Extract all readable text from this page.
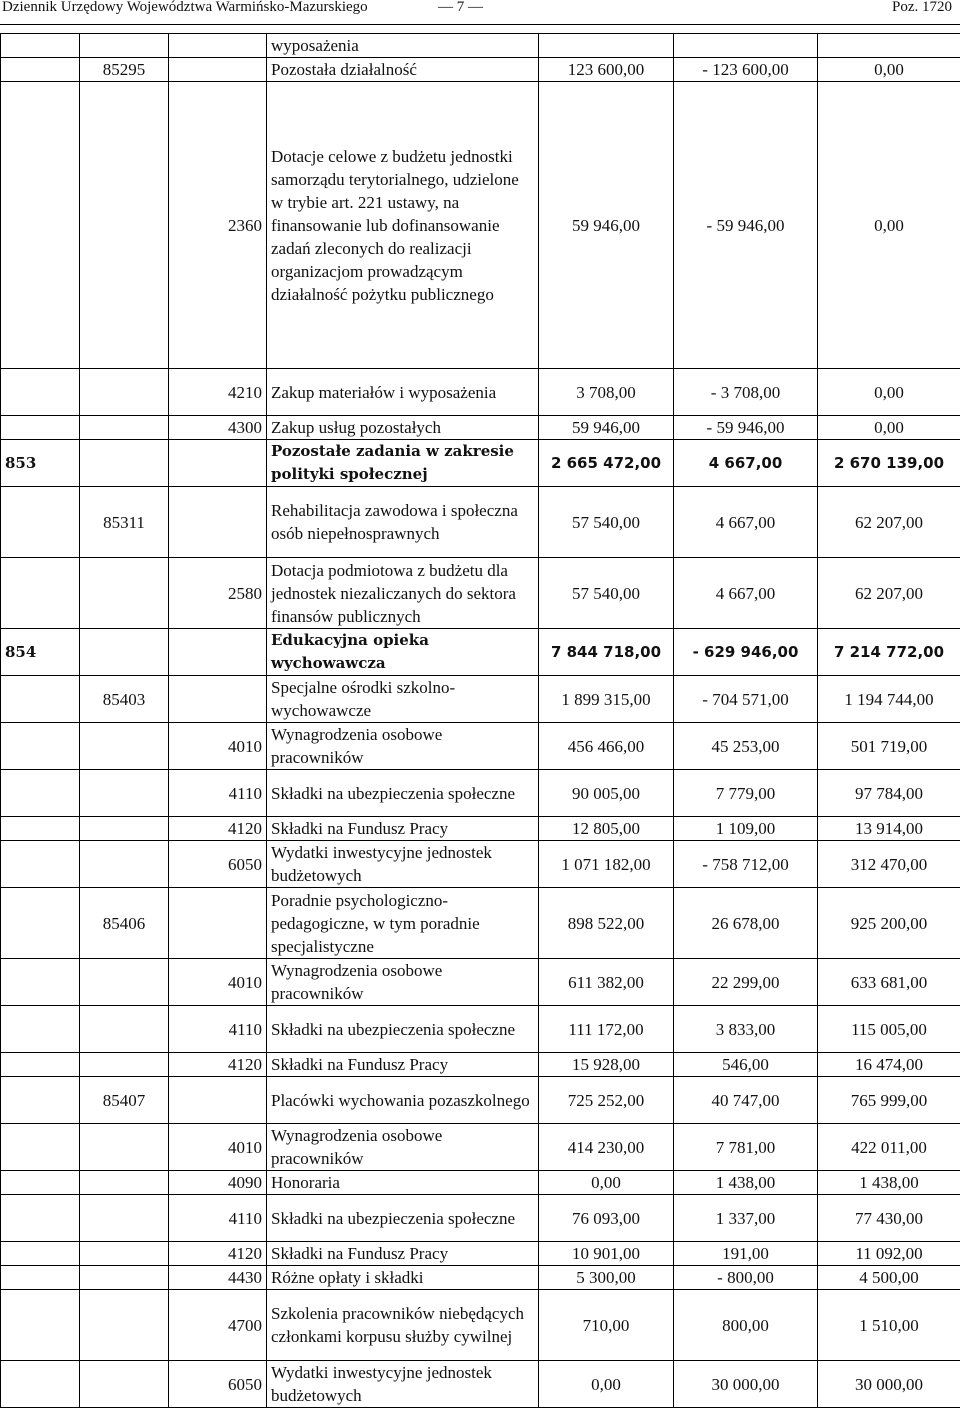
Dziennik Urzędowy Województwa Warmińsko-Mazurskiego	— 7 —	Poz. 1720
			wyposażenia			
	85295		Pozostała działalność	123 600,00	- 123 600,00	0,00
		2360	Dotacje celowe z budżetu jednostki samorządu terytorialnego, udzielone w trybie art. 221 ustawy, na finansowanie lub dofinansowanie zadań zleconych do realizacji organizacjom prowadzącym działalność pożytku publicznego	59 946,00	- 59 946,00	0,00
		4210	Zakup materiałów i wyposażenia	3 708,00	- 3 708,00	0,00
		4300	Zakup usług pozostałych	59 946,00	- 59 946,00	0,00
853			Pozostałe zadania w zakresie polityki społecznej	2 665 472,00	4 667,00	2 670 139,00
	85311		Rehabilitacja zawodowa i społeczna osób niepełnosprawnych	57 540,00	4 667,00	62 207,00
		2580	Dotacja podmiotowa z budżetu dla jednostek niezaliczanych do sektora finansów publicznych	57 540,00	4 667,00	62 207,00
854			Edukacyjna opieka wychowawcza	7 844 718,00	- 629 946,00	7 214 772,00
	85403		Specjalne ośrodki szkolno-wychowawcze	1 899 315,00	- 704 571,00	1 194 744,00
		4010	Wynagrodzenia osobowe pracowników	456 466,00	45 253,00	501 719,00
		4110	Składki na ubezpieczenia społeczne	90 005,00	7 779,00	97 784,00
		4120	Składki na Fundusz Pracy	12 805,00	1 109,00	13 914,00
		6050	Wydatki inwestycyjne jednostek budżetowych	1 071 182,00	- 758 712,00	312 470,00
	85406		Poradnie psychologiczno-pedagogiczne, w tym poradnie specjalistyczne	898 522,00	26 678,00	925 200,00
		4010	Wynagrodzenia osobowe pracowników	611 382,00	22 299,00	633 681,00
		4110	Składki na ubezpieczenia społeczne	111 172,00	3 833,00	115 005,00
		4120	Składki na Fundusz Pracy	15 928,00	546,00	16 474,00
	85407		Placówki wychowania pozaszkolnego	725 252,00	40 747,00	765 999,00
		4010	Wynagrodzenia osobowe pracowników	414 230,00	7 781,00	422 011,00
		4090	Honoraria	0,00	1 438,00	1 438,00
		4110	Składki na ubezpieczenia społeczne	76 093,00	1 337,00	77 430,00
		4120	Składki na Fundusz Pracy	10 901,00	191,00	11 092,00
		4430	Różne opłaty i składki	5 300,00	- 800,00	4 500,00
		4700	Szkolenia pracowników niebędących członkami korpusu służby cywilnej	710,00	800,00	1 510,00
		6050	Wydatki inwestycyjne jednostek budżetowych	0,00	30 000,00	30 000,00
